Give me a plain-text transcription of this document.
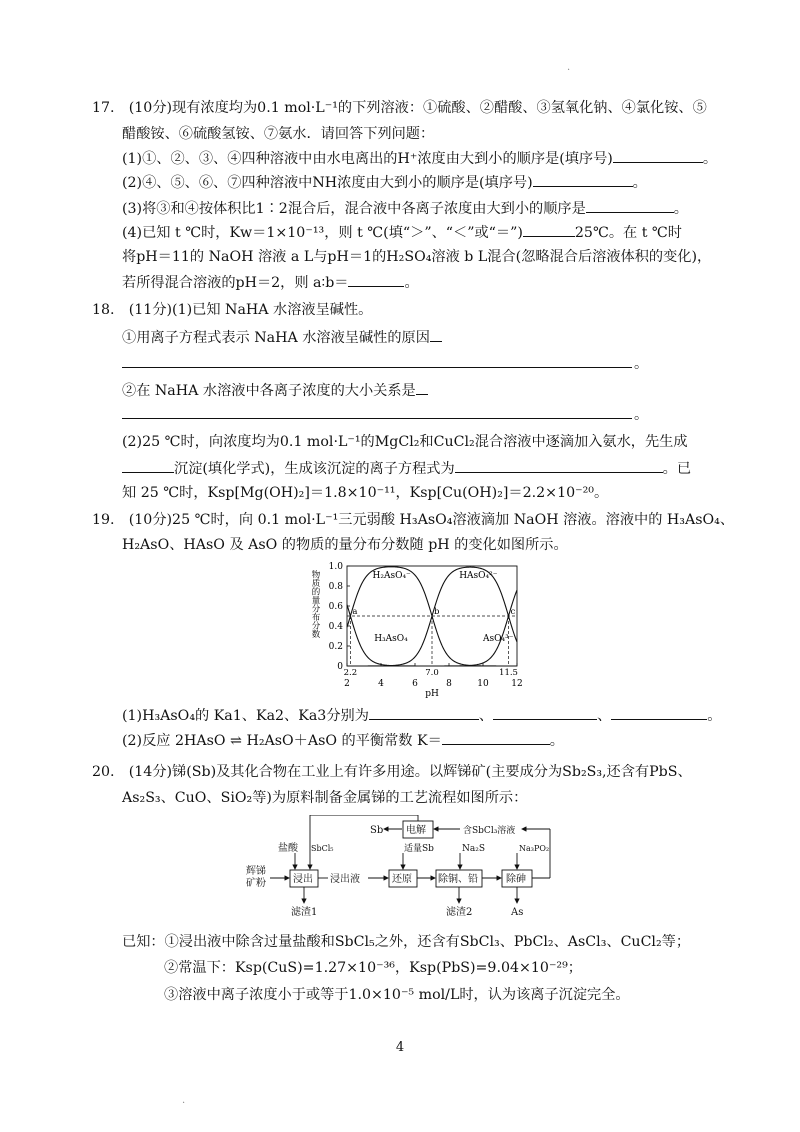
.
17.　(10分)现有浓度均为0.1 mol·L⁻¹的下列溶液：①硫酸、②醋酸、③氢氧化钠、④氯化铵、⑤
醋酸铵、⑥硫酸氢铵、⑦氨水．请回答下列问题：
(1)①、②、③、④四种溶液中由水电离出的H⁺浓度由大到小的顺序是(填序号)	。
(2)④、⑤、⑥、⑦四种溶液中NH浓度由大到小的顺序是(填序号)	。
(3)将③和④按体积比1∶2混合后，混合液中各离子浓度由大到小的顺序是	。
(4)已知 t ℃时，Kw＝1×10⁻¹³，则 t ℃(填“＞”、“＜”或“＝”)	25℃。在 t ℃时
将pH＝11的 NaOH 溶液 a L与pH＝1的H₂SO₄溶液 b L混合(忽略混合后溶液体积的变化)，
若所得混合溶液的pH＝2，则 a∶b＝	。
18.　(11分)(1)已知 NaHA 水溶液呈碱性。
①用离子方程式表示 NaHA 水溶液呈碱性的原因
。
②在 NaHA 水溶液中各离子浓度的大小关系是
。
(2)25 ℃时，向浓度均为0.1 mol·L⁻¹的MgCl₂和CuCl₂混合溶液中逐滴加入氨水，先生成
沉淀(填化学式)，生成该沉淀的离子方程式为	。已
知 25 ℃时，Ksp[Mg(OH)₂]＝1.8×10⁻¹¹，Ksp[Cu(OH)₂]＝2.2×10⁻²⁰。
19.　(10分)25 ℃时，向 0.1 mol·L⁻¹三元弱酸 H₃AsO₄溶液滴加 NaOH 溶液。溶液中的 H₃AsO₄、
H₂AsO、HAsO 及 AsO 的物质的量分布分数随 pH 的变化如图所示。
物质的量分布分数
0
0.2
0.4
0.6
0.8
1.0
2	4	6	8	10	12
2.2	7.0	11.5
pH
H₃AsO₄
H₂AsO₄⁻	HAsO₄²⁻
AsO₄³⁻
a	b	c
(1)H₃AsO₄的 Ka1、Ka2、Ka3分别为	、	、	。
(2)反应 2HAsO ⇌ H₂AsO＋AsO 的平衡常数 K＝	。
20.　(14分)锑(Sb)及其化合物在工业上有许多用途。以辉锑矿(主要成分为Sb₂S₃,还含有PbS、
As₂S₃、CuO、SiO₂等)为原料制备金属锑的工艺流程如图所示：
辉锑
矿粉
盐酸 SbCl₅
浸出 浸出液
适量Sb
还原
Na₂S
除铜、铅
Na₃PO₂
除砷
As
滤渣1	滤渣2
Sb 电解	含SbCl₃溶液
已知：①浸出液中除含过量盐酸和SbCl₅之外，还含有SbCl₃、PbCl₂、AsCl₃、CuCl₂等；
②常温下：Ksp(CuS)=1.27×10⁻³⁶，Ksp(PbS)=9.04×10⁻²⁹；
③溶液中离子浓度小于或等于1.0×10⁻⁵ mol/L时，认为该离子沉淀完全。
4
.
